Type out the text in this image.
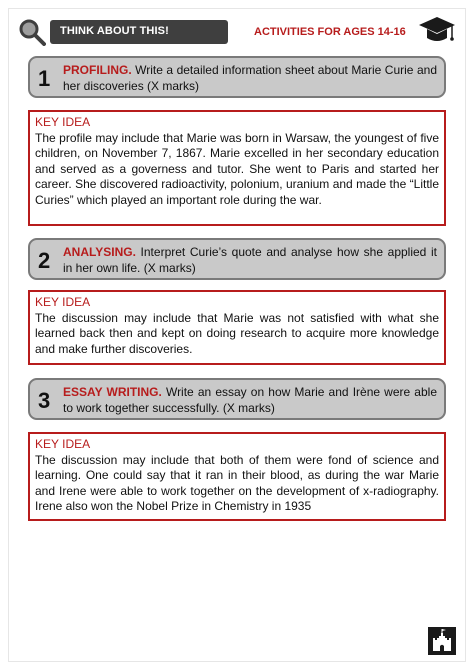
THINK ABOUT THIS!	ACTIVITIES FOR AGES 14-16
1 PROFILING. Write a detailed information sheet about Marie Curie and her discoveries (X marks)
KEY IDEA
The profile may include that Marie was born in Warsaw, the youngest of five children, on November 7, 1867. Marie excelled in her secondary education and served as a governess and tutor. She went to Paris and started her career. She discovered radioactivity, polonium, uranium and made the “Little Curies” which played an important role during the war.
2 ANALYSING. Interpret Curie’s quote and analyse how she applied it in her own life. (X marks)
KEY IDEA
The discussion may include that Marie was not satisfied with what she learned back then and kept on doing research to acquire more knowledge and make further discoveries.
3 ESSAY WRITING. Write an essay on how Marie and Irène were able to work together successfully. (X marks)
KEY IDEA
The discussion may include that both of them were fond of science and learning. One could say that it ran in their blood, as during the war Marie and Irene were able to work together on the development of x-radiography. Irene also won the Nobel Prize in Chemistry in 1935
